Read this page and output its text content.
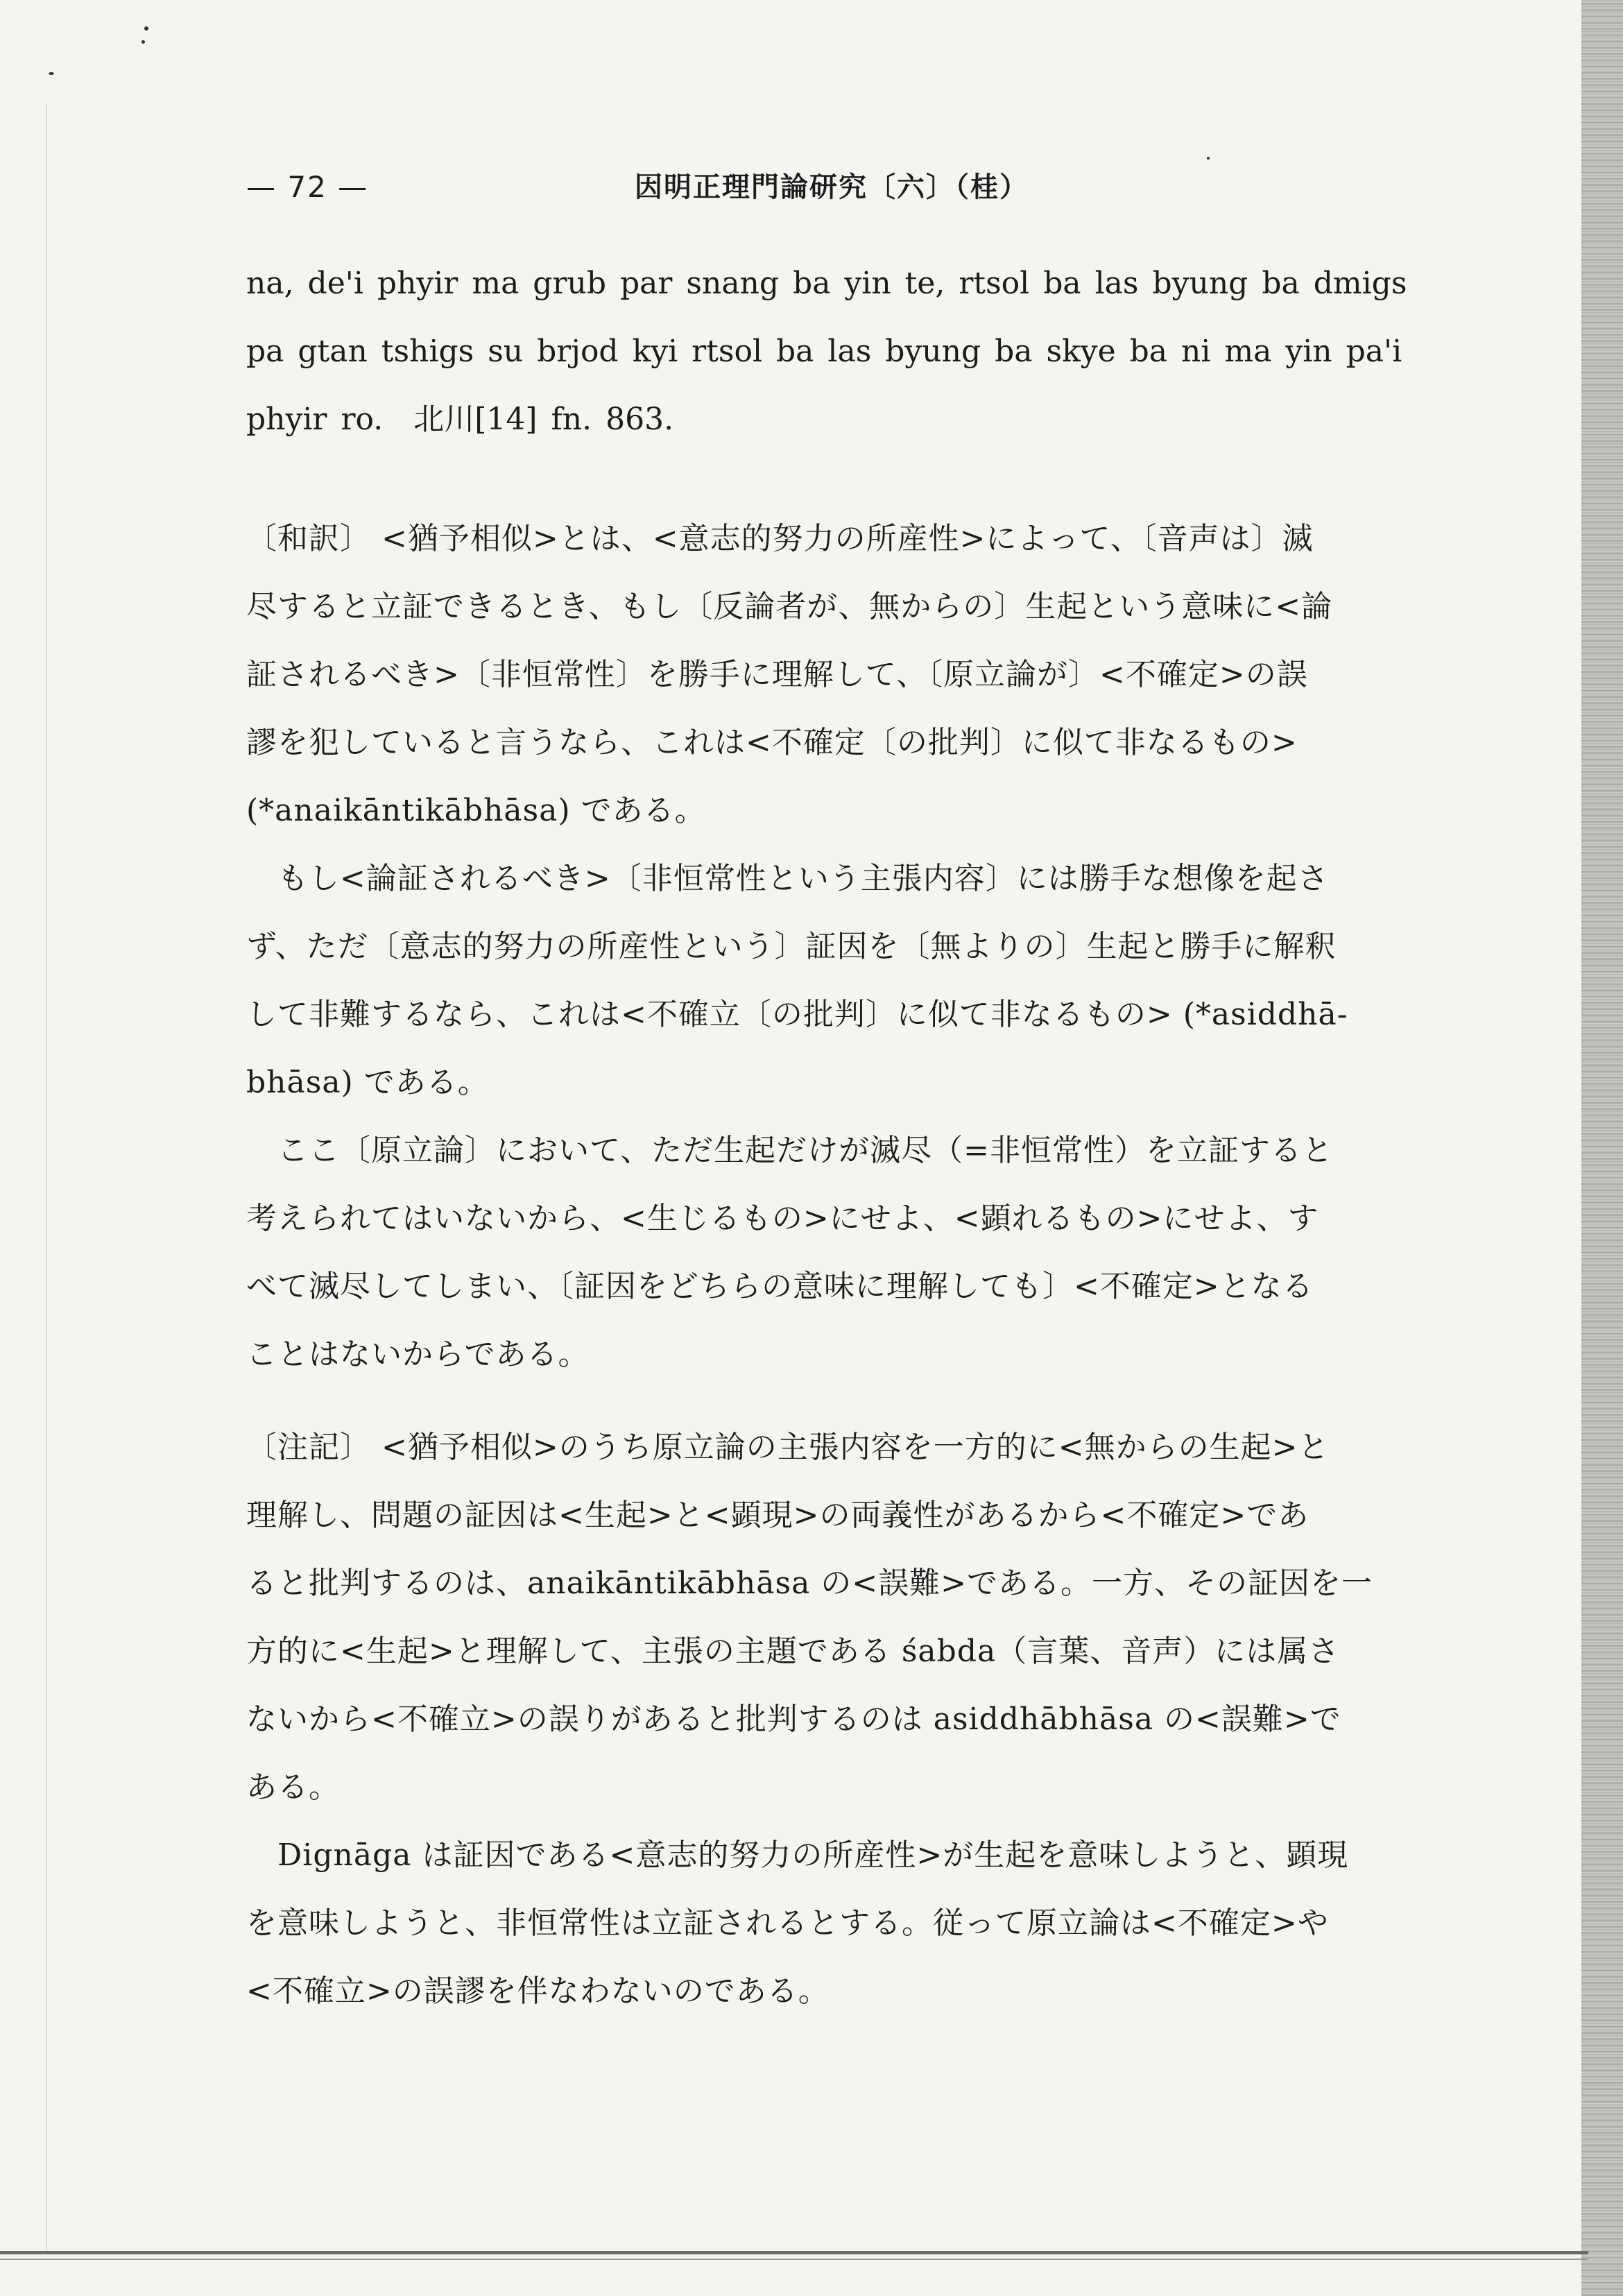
— 72 —	因明正理門論研究〔六〕（桂）

na, de'i phyir ma grub par snang ba yin te, rtsol ba las byung ba dmigs

pa gtan tshigs su brjod kyi rtsol ba las byung ba skye ba ni ma yin pa'i

phyir ro.　北川[14] fn. 863.

〔和訳〕 <猶予相似>とは、<意志的努力の所産性>によって、〔音声は〕滅

尽すると立証できるとき、もし〔反論者が、無からの〕生起という意味に<論

証されるべき>〔非恒常性〕を勝手に理解して、〔原立論が〕<不確定>の誤

謬を犯していると言うなら、これは<不確定〔の批判〕に似て非なるもの>

(*anaikāntikābhāsa) である。

　もし<論証されるべき>〔非恒常性という主張内容〕には勝手な想像を起さ

ず、ただ〔意志的努力の所産性という〕証因を〔無よりの〕生起と勝手に解釈

して非難するなら、これは<不確立〔の批判〕に似て非なるもの> (*asiddhā-

bhāsa) である。

　ここ〔原立論〕において、ただ生起だけが滅尽（=非恒常性）を立証すると

考えられてはいないから、<生じるもの>にせよ、<顕れるもの>にせよ、す

べて滅尽してしまい、〔証因をどちらの意味に理解しても〕<不確定>となる

ことはないからである。

〔注記〕 <猶予相似>のうち原立論の主張内容を一方的に<無からの生起>と

理解し、問題の証因は<生起>と<顕現>の両義性があるから<不確定>であ

ると批判するのは、anaikāntikābhāsa の<誤難>である。一方、その証因を一

方的に<生起>と理解して、主張の主題である śabda（言葉、音声）には属さ

ないから<不確立>の誤りがあると批判するのは asiddhābhāsa の<誤難>で

ある。

　Dignāga は証因である<意志的努力の所産性>が生起を意味しようと、顕現

を意味しようと、非恒常性は立証されるとする。従って原立論は<不確定>や

<不確立>の誤謬を伴なわないのである。
